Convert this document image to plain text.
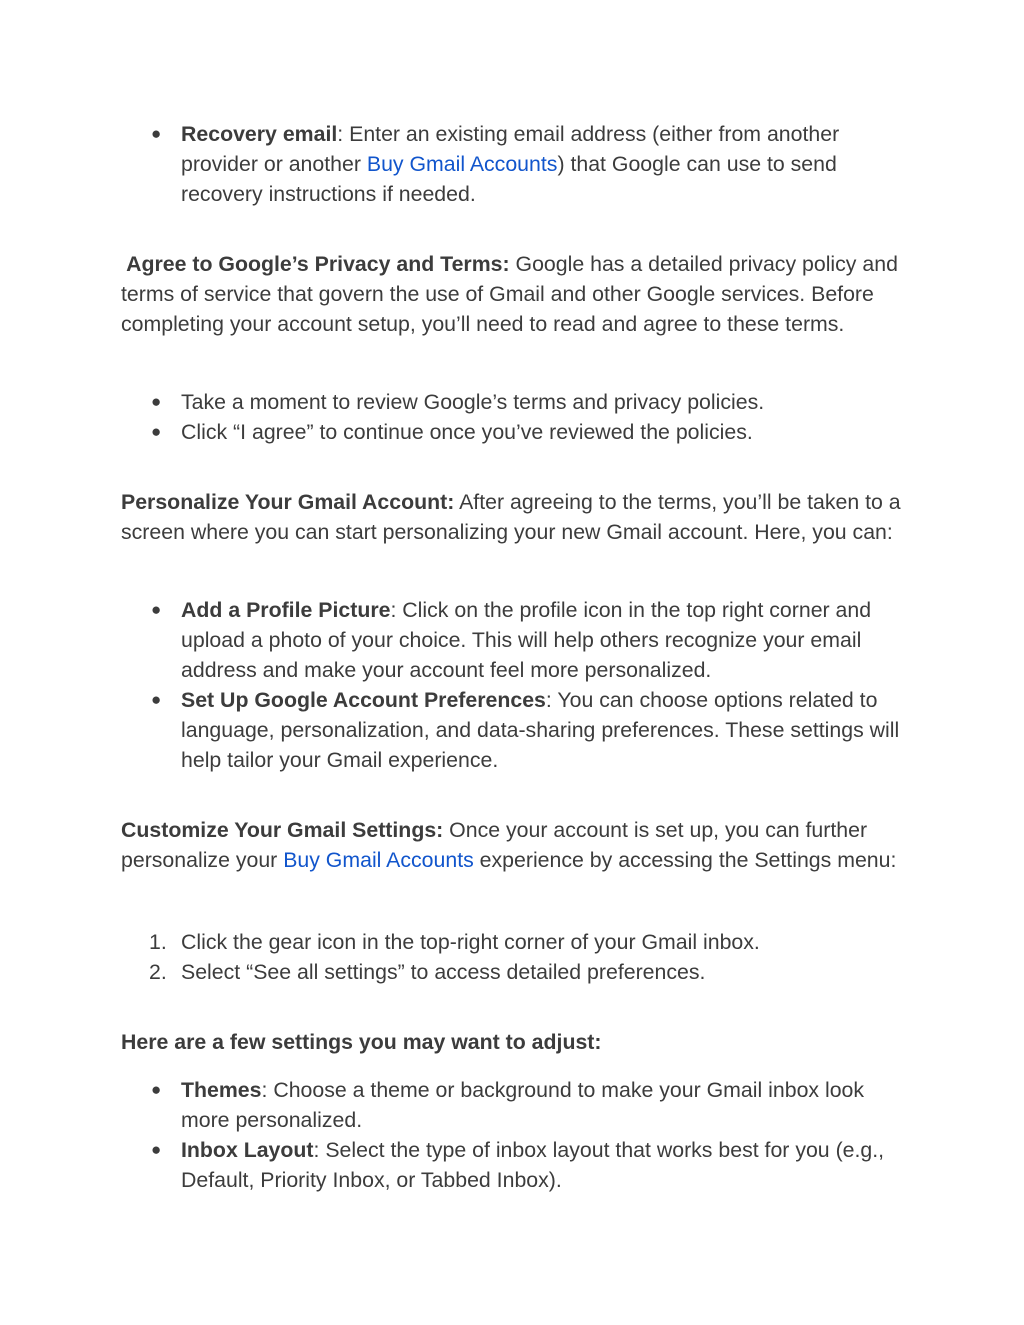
● Recovery email: Enter an existing email address (either from another provider or another Buy Gmail Accounts) that Google can use to send recovery instructions if needed.

Agree to Google’s Privacy and Terms: Google has a detailed privacy policy and terms of service that govern the use of Gmail and other Google services. Before completing your account setup, you’ll need to read and agree to these terms.

● Take a moment to review Google’s terms and privacy policies.
● Click “I agree” to continue once you’ve reviewed the policies.

Personalize Your Gmail Account: After agreeing to the terms, you’ll be taken to a screen where you can start personalizing your new Gmail account. Here, you can:

● Add a Profile Picture: Click on the profile icon in the top right corner and upload a photo of your choice. This will help others recognize your email address and make your account feel more personalized.
● Set Up Google Account Preferences: You can choose options related to language, personalization, and data-sharing preferences. These settings will help tailor your Gmail experience.

Customize Your Gmail Settings: Once your account is set up, you can further personalize your Buy Gmail Accounts experience by accessing the Settings menu:

1. Click the gear icon in the top-right corner of your Gmail inbox.
2. Select “See all settings” to access detailed preferences.

Here are a few settings you may want to adjust:

● Themes: Choose a theme or background to make your Gmail inbox look more personalized.
● Inbox Layout: Select the type of inbox layout that works best for you (e.g., Default, Priority Inbox, or Tabbed Inbox).
